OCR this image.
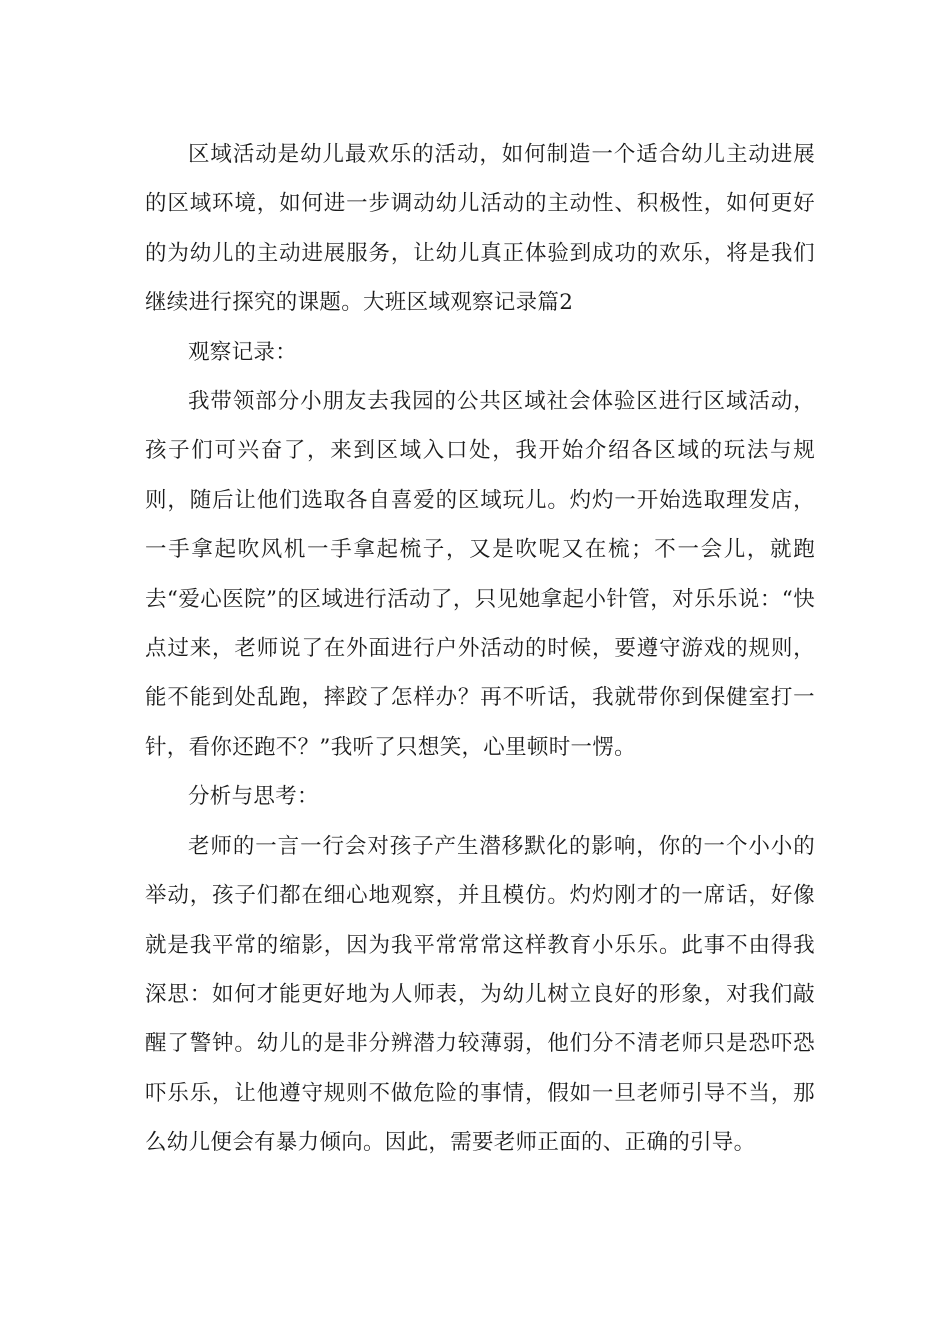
区域活动是幼儿最欢乐的活动，如何制造一个适合幼儿主动进展的区域环境，如何进一步调动幼儿活动的主动性、积极性，如何更好的为幼儿的主动进展服务，让幼儿真正体验到成功的欢乐，将是我们继续进行探究的课题。大班区域观察记录篇2

观察记录：

我带领部分小朋友去我园的公共区域社会体验区进行区域活动，孩子们可兴奋了，来到区域入口处，我开始介绍各区域的玩法与规则，随后让他们选取各自喜爱的区域玩儿。灼灼一开始选取理发店，一手拿起吹风机一手拿起梳子，又是吹呢又在梳；不一会儿，就跑去“爱心医院”的区域进行活动了，只见她拿起小针管，对乐乐说：“快点过来，老师说了在外面进行户外活动的时候，要遵守游戏的规则，能不能到处乱跑，摔跤了怎样办？再不听话，我就带你到保健室打一针，看你还跑不？”我听了只想笑，心里顿时一愣。

分析与思考：

老师的一言一行会对孩子产生潜移默化的影响，你的一个小小的举动，孩子们都在细心地观察，并且模仿。灼灼刚才的一席话，好像就是我平常的缩影，因为我平常常常这样教育小乐乐。此事不由得我深思：如何才能更好地为人师表，为幼儿树立良好的形象，对我们敲醒了警钟。幼儿的是非分辨潜力较薄弱，他们分不清老师只是恐吓恐吓乐乐，让他遵守规则不做危险的事情，假如一旦老师引导不当，那么幼儿便会有暴力倾向。因此，需要老师正面的、正确的引导。
